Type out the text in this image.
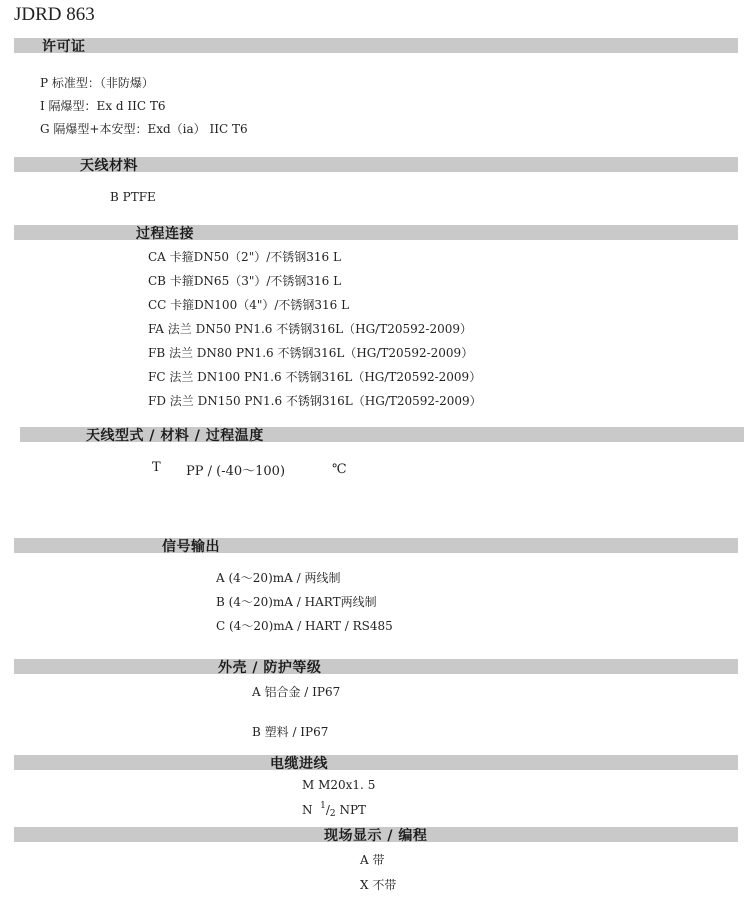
JDRD 863
许可证
P 标准型：（非防爆）
I 隔爆型：Ex d IIC T6
G 隔爆型+本安型：Exd（ia） IIC T6
天线材料
B PTFE
过程连接
CA 卡箍DN50（2"）/不锈钢316 L
CB 卡箍DN65（3"）/不锈钢316 L
CC 卡箍DN100（4"）/不锈钢316 L
FA 法兰 DN50 PN1.6 不锈钢316L（HG/T20592-2009）
FB 法兰 DN80 PN1.6 不锈钢316L（HG/T20592-2009）
FC 法兰 DN100 PN1.6 不锈钢316L（HG/T20592-2009）
FD 法兰 DN150 PN1.6 不锈钢316L（HG/T20592-2009）
天线型式 / 材料 / 过程温度
T PP / (-40～100)	℃
信号输出
A (4～20)mA / 两线制
B (4～20)mA / HART两线制
C (4～20)mA / HART / RS485
外壳 / 防护等级
A 铝合金 / IP67
B 塑料 / IP67
电缆进线
M M20x1. 5
N $^1/_2$ NPT
现场显示 / 编程
A 带
X 不带
